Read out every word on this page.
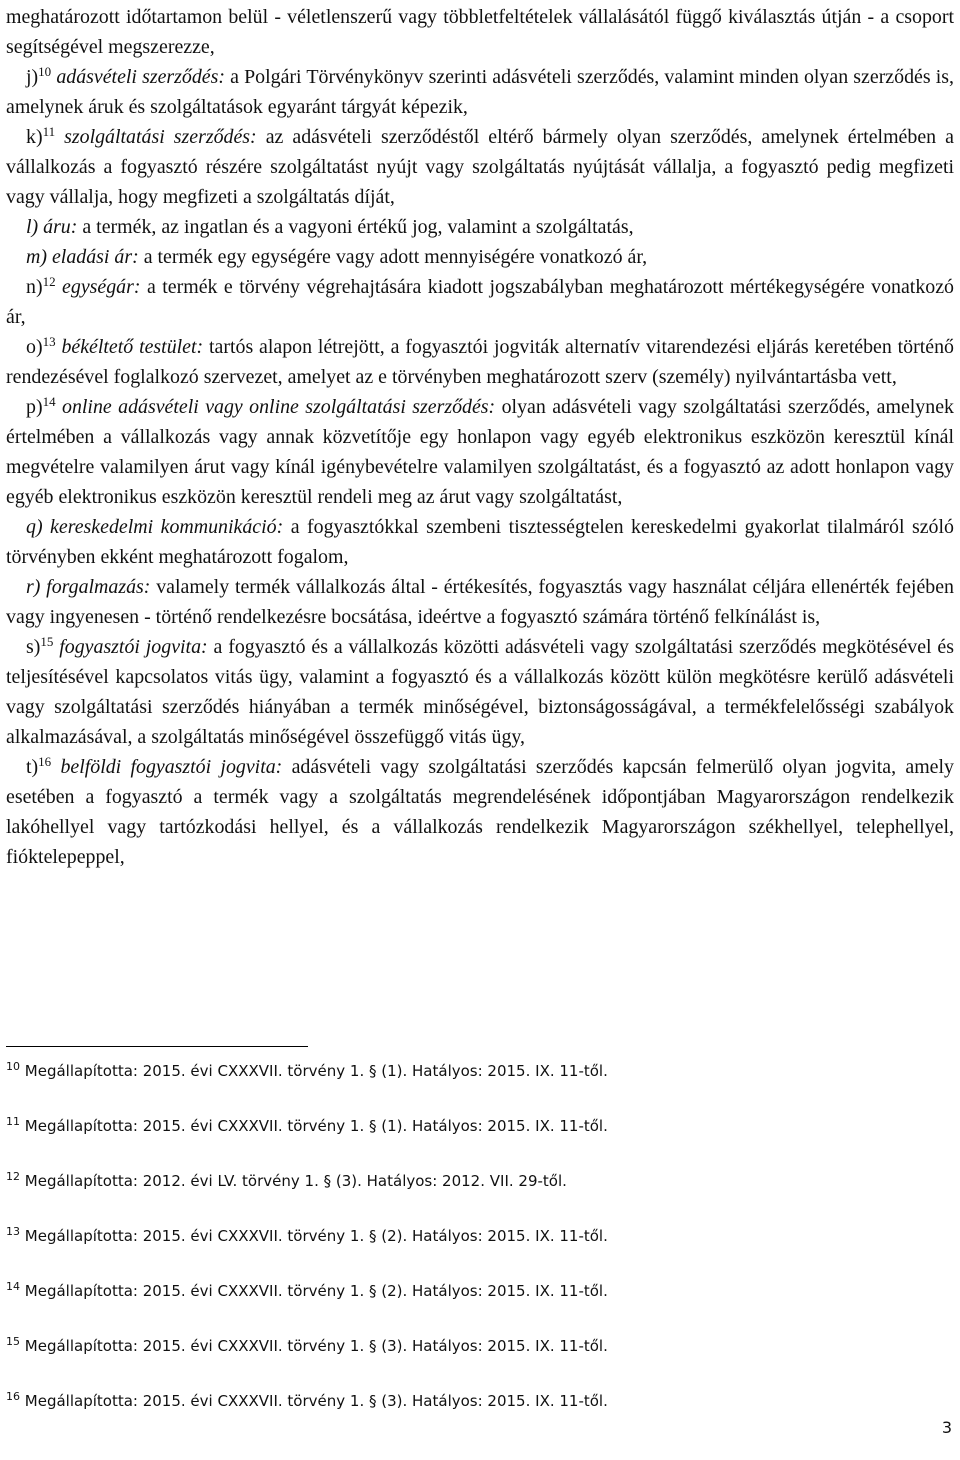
meghatározott időtartamon belül - véletlenszerű vagy többletfeltételek vállalásától függő kiválasztás útján - a csoport segítségével megszerezze,

j)$^{10}$ adásvételi szerződés: a Polgári Törvénykönyv szerinti adásvételi szerződés, valamint minden olyan szerződés is, amelynek áruk és szolgáltatások egyaránt tárgyát képezik,

k)$^{11}$ szolgáltatási szerződés: az adásvételi szerződéstől eltérő bármely olyan szerződés, amelynek értelmében a vállalkozás a fogyasztó részére szolgáltatást nyújt vagy szolgáltatás nyújtását vállalja, a fogyasztó pedig megfizeti vagy vállalja, hogy megfizeti a szolgáltatás díját,

l) áru: a termék, az ingatlan és a vagyoni értékű jog, valamint a szolgáltatás,

m) eladási ár: a termék egy egységére vagy adott mennyiségére vonatkozó ár,

n)$^{12}$ egységár: a termék e törvény végrehajtására kiadott jogszabályban meghatározott mértékegységére vonatkozó ár,

o)$^{13}$ békéltető testület: tartós alapon létrejött, a fogyasztói jogviták alternatív vitarendezési eljárás keretében történő rendezésével foglalkozó szervezet, amelyet az e törvényben meghatározott szerv (személy) nyilvántartásba vett,

p)$^{14}$ online adásvételi vagy online szolgáltatási szerződés: olyan adásvételi vagy szolgáltatási szerződés, amelynek értelmében a vállalkozás vagy annak közvetítője egy honlapon vagy egyéb elektronikus eszközön keresztül kínál megvételre valamilyen árut vagy kínál igénybevételre valamilyen szolgáltatást, és a fogyasztó az adott honlapon vagy egyéb elektronikus eszközön keresztül rendeli meg az árut vagy szolgáltatást,

q) kereskedelmi kommunikáció: a fogyasztókkal szembeni tisztességtelen kereskedelmi gyakorlat tilalmáról szóló törvényben ekként meghatározott fogalom,

r) forgalmazás: valamely termék vállalkozás által - értékesítés, fogyasztás vagy használat céljára ellenérték fejében vagy ingyenesen - történő rendelkezésre bocsátása, ideértve a fogyasztó számára történő felkínálást is,

s)$^{15}$ fogyasztói jogvita: a fogyasztó és a vállalkozás közötti adásvételi vagy szolgáltatási szerződés megkötésével és teljesítésével kapcsolatos vitás ügy, valamint a fogyasztó és a vállalkozás között külön megkötésre kerülő adásvételi vagy szolgáltatási szerződés hiányában a termék minőségével, biztonságosságával, a termékfelelősségi szabályok alkalmazásával, a szolgáltatás minőségével összefüggő vitás ügy,

t)$^{16}$ belföldi fogyasztói jogvita: adásvételi vagy szolgáltatási szerződés kapcsán felmerülő olyan jogvita, amely esetében a fogyasztó a termék vagy a szolgáltatás megrendelésének időpontjában Magyarországon rendelkezik lakóhellyel vagy tartózkodási hellyel, és a vállalkozás rendelkezik Magyarországon székhellyel, telephellyel, fióktelepeppel,

$^{10}$ Megállapította: 2015. évi CXXXVII. törvény 1. § (1). Hatályos: 2015. IX. 11-től.
$^{11}$ Megállapította: 2015. évi CXXXVII. törvény 1. § (1). Hatályos: 2015. IX. 11-től.
$^{12}$ Megállapította: 2012. évi LV. törvény 1. § (3). Hatályos: 2012. VII. 29-től.
$^{13}$ Megállapította: 2015. évi CXXXVII. törvény 1. § (2). Hatályos: 2015. IX. 11-től.
$^{14}$ Megállapította: 2015. évi CXXXVII. törvény 1. § (2). Hatályos: 2015. IX. 11-től.
$^{15}$ Megállapította: 2015. évi CXXXVII. törvény 1. § (3). Hatályos: 2015. IX. 11-től.
$^{16}$ Megállapította: 2015. évi CXXXVII. törvény 1. § (3). Hatályos: 2015. IX. 11-től.
3
